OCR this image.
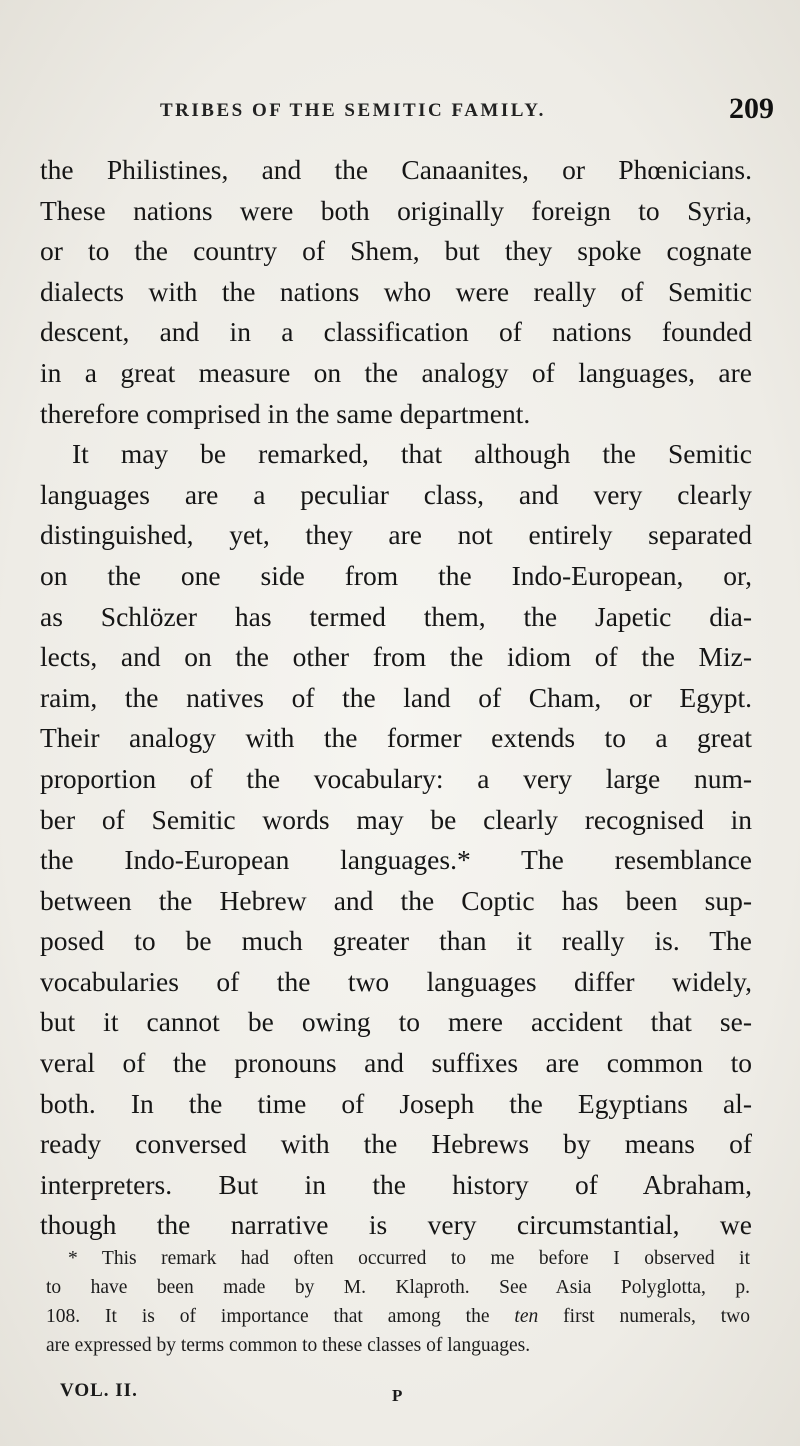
TRIBES OF THE SEMITIC FAMILY.	209
the Philistines, and the Canaanites, or Phœnicians.
These nations were both originally foreign to Syria,
or to the country of Shem, but they spoke cognate
dialects with the nations who were really of Semitic
descent, and in a classification of nations founded
in a great measure on the analogy of languages, are
therefore comprised in the same department.
It may be remarked, that although the Semitic
languages are a peculiar class, and very clearly
distinguished, yet, they are not entirely separated
on the one side from the Indo-European, or,
as Schlözer has termed them, the Japetic dia-
lects, and on the other from the idiom of the Miz-
raim, the natives of the land of Cham, or Egypt.
Their analogy with the former extends to a great
proportion of the vocabulary: a very large num-
ber of Semitic words may be clearly recognised in
the Indo-European languages.* The resemblance
between the Hebrew and the Coptic has been sup-
posed to be much greater than it really is. The
vocabularies of the two languages differ widely,
but it cannot be owing to mere accident that se-
veral of the pronouns and suffixes are common to
both. In the time of Joseph the Egyptians al-
ready conversed with the Hebrews by means of
interpreters. But in the history of Abraham,
though the narrative is very circumstantial, we
* This remark had often occurred to me before I observed it
to have been made by M. Klaproth. See Asia Polyglotta, p.
108. It is of importance that among the ten first numerals, two
are expressed by terms common to these classes of languages.
VOL. II.	P
